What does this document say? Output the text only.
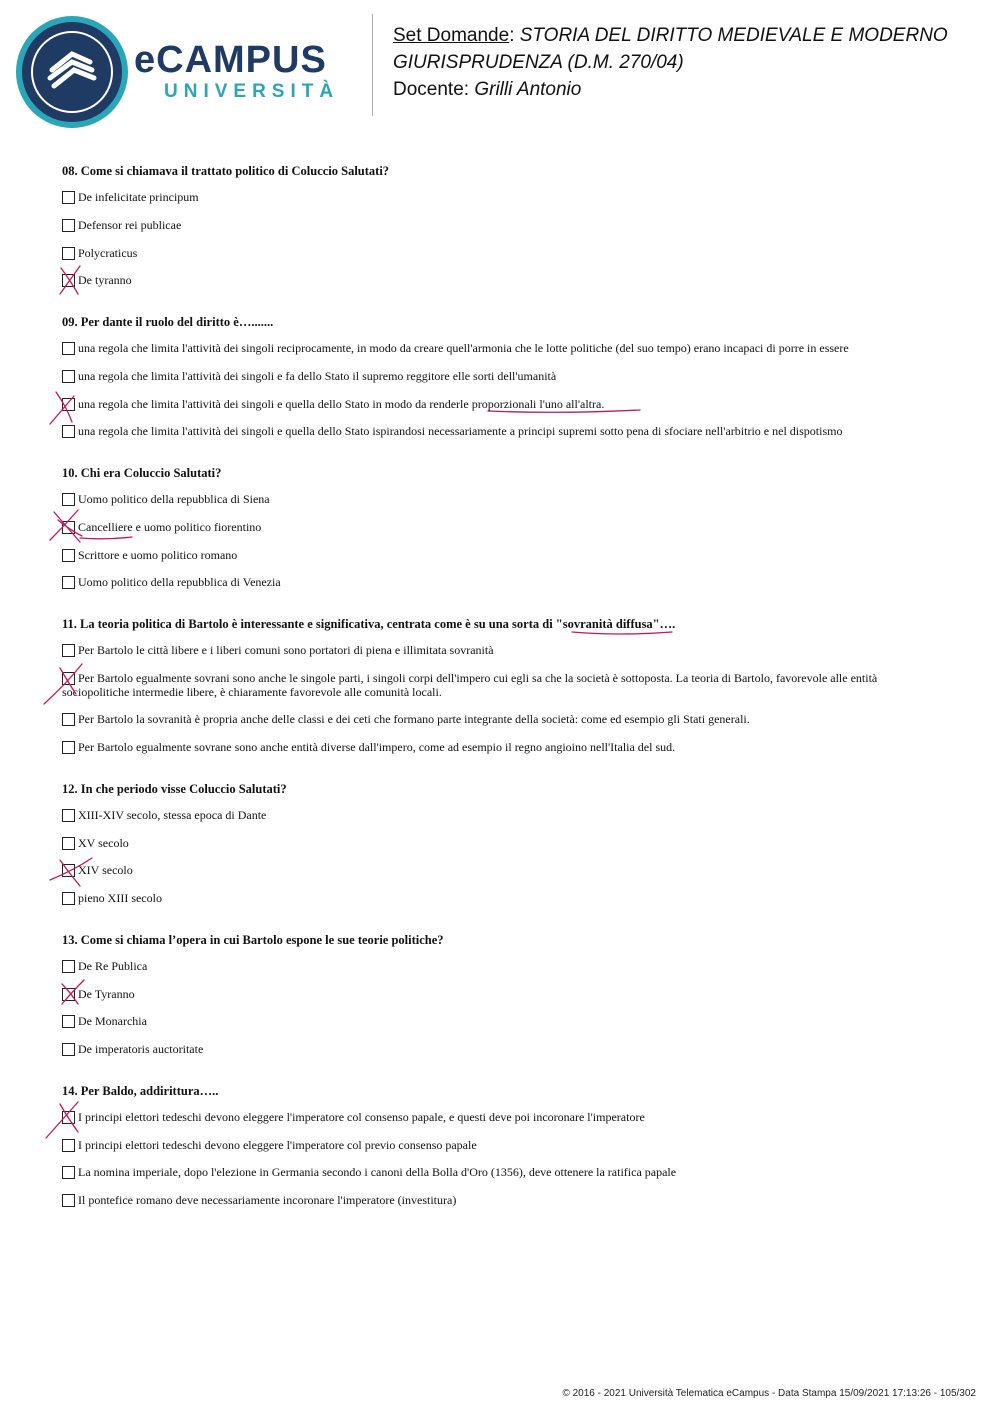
eCAMPUS
UNIVERSITÀ
Set Domande: STORIA DEL DIRITTO MEDIEVALE E MODERNO
GIURISPRUDENZA (D.M. 270/04)
Docente: Grilli Antonio
08. Come si chiamava il trattato politico di Coluccio Salutati?
De infelicitate principum
Defensor rei publicae
Polycraticus
De tyranno
09. Per dante il ruolo del diritto è….......
una regola che limita l'attività dei singoli reciprocamente, in modo da creare quell'armonia che le lotte politiche (del suo tempo) erano incapaci di porre in essere
una regola che limita l'attività dei singoli e fa dello Stato il supremo reggitore elle sorti dell'umanità
una regola che limita l'attività dei singoli e quella dello Stato in modo da renderle proporzionali l'uno all'altra.
una regola che limita l'attività dei singoli e quella dello Stato ispirandosi necessariamente a principi supremi sotto pena di sfociare nell'arbitrio e nel dispotismo
10. Chi era Coluccio Salutati?
Uomo politico della repubblica di Siena
Cancelliere e uomo politico fiorentino
Scrittore e uomo politico romano
Uomo politico della repubblica di Venezia
11. La teoria politica di Bartolo è interessante e significativa, centrata come è su una sorta di "sovranità diffusa"….
Per Bartolo le città libere e i liberi comuni sono portatori di piena e illimitata sovranità
Per Bartolo egualmente sovrani sono anche le singole parti, i singoli corpi dell'impero cui egli sa che la società è sottoposta. La teoria di Bartolo, favorevole alle entità sociopolitiche intermedie libere, è chiaramente favorevole alle comunità locali.
Per Bartolo la sovranità è propria anche delle classi e dei ceti che formano parte integrante della società: come ed esempio gli Stati generali.
Per Bartolo egualmente sovrane sono anche entità diverse dall'impero, come ad esempio il regno angioino nell'Italia del sud.
12. In che periodo visse Coluccio Salutati?
XIII-XIV secolo, stessa epoca di Dante
XV secolo
XIV secolo
pieno XIII secolo
13. Come si chiama l’opera in cui Bartolo espone le sue teorie politiche?
De Re Publica
De Tyranno
De Monarchia
De imperatoris auctoritate
14. Per Baldo, addirittura…..
I principi elettori tedeschi devono eleggere l'imperatore col consenso papale, e questi deve poi incoronare l'imperatore
I principi elettori tedeschi devono eleggere l'imperatore col previo consenso papale
La nomina imperiale, dopo l'elezione in Germania secondo i canoni della Bolla d'Oro (1356), deve ottenere la ratifica papale
Il pontefice romano deve necessariamente incoronare l'imperatore (investitura)
© 2016 - 2021 Università Telematica eCampus - Data Stampa 15/09/2021 17:13:26 - 105/302
